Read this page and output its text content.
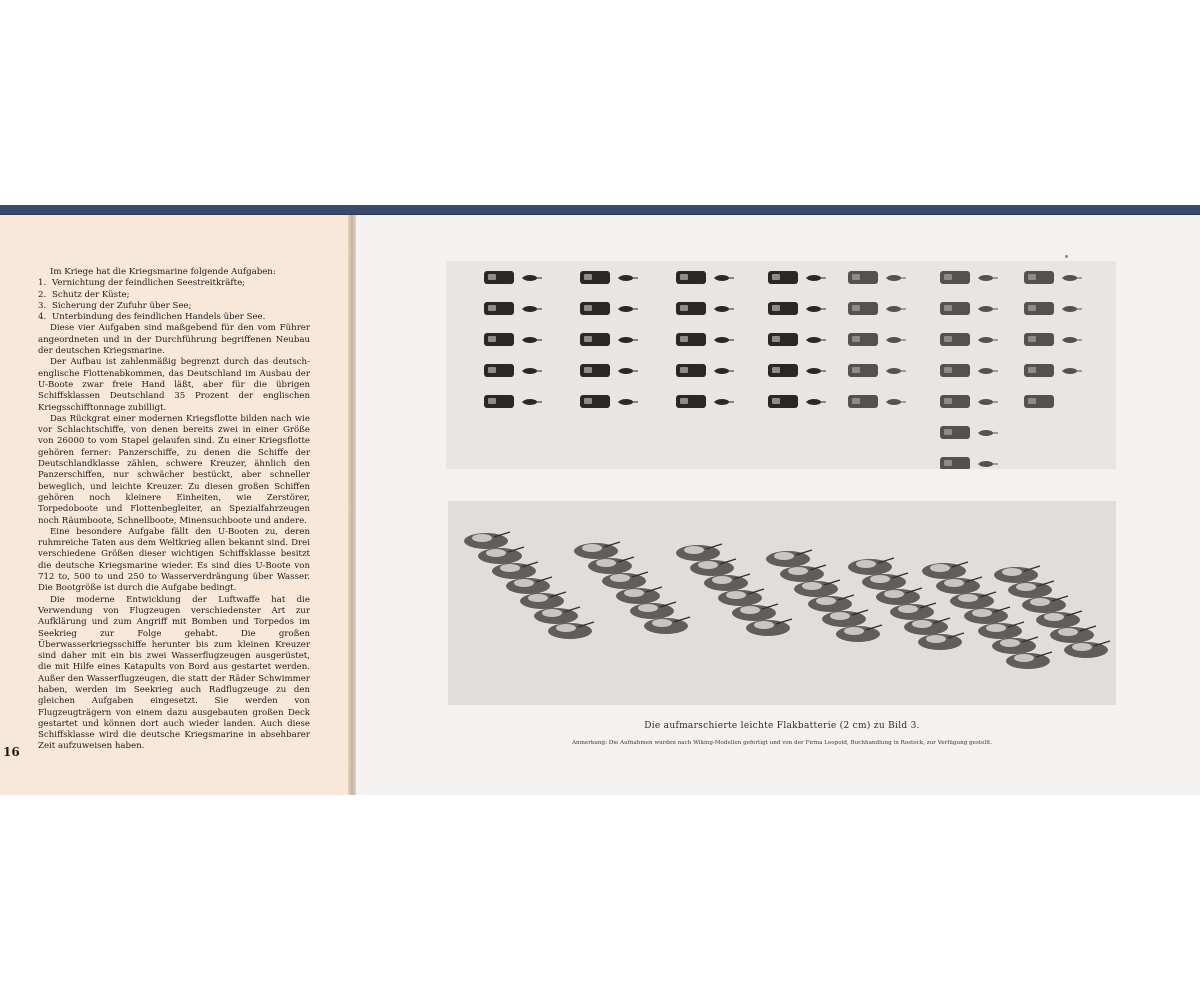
Im Kriege hat die Kriegsmarine folgende Aufgaben:

1. Vernichtung der feindlichen Seestreitkräfte;
2. Schutz der Küste;
3. Sicherung der Zufuhr über See;
4. Unterbindung des feindlichen Handels über See.

Diese vier Aufgaben sind maßgebend für den vom Führer angeordneten und in der Durchführung begriffenen Neubau der deutschen Kriegsmarine.

Der Aufbau ist zahlenmäßig begrenzt durch das deutsch-englische Flottenabkommen, das Deutschland im Ausbau der U-Boote zwar freie Hand läßt, aber für die übrigen Schiffsklassen Deutschland 35 Prozent der englischen Kriegsschifftonnage zubilligt.

Das Rückgrat einer modernen Kriegsflotte bilden nach wie vor Schlachtschiffe, von denen bereits zwei in einer Größe von 26000 to vom Stapel gelaufen sind. Zu einer Kriegsflotte gehören ferner: Panzerschiffe, zu denen die Schiffe der Deutschlandklasse zählen, schwere Kreuzer, ähnlich den Panzerschiffen, nur schwächer bestückt, aber schneller beweglich, und leichte Kreuzer. Zu diesen großen Schiffen gehören noch kleinere Einheiten, wie Zerstörer, Torpedoboote und Flottenbegleiter, an Spezialfahrzeugen noch Räumboote, Schnellboote, Minensuchboote und andere.

Eine besondere Aufgabe fällt den U-Booten zu, deren ruhmreiche Taten aus dem Weltkrieg allen bekannt sind. Drei verschiedene Größen dieser wichtigen Schiffsklasse besitzt die deutsche Kriegsmarine wieder. Es sind dies U-Boote von 712 to, 500 to und 250 to Wasserverdrängung über Wasser. Die Bootgröße ist durch die Aufgabe bedingt.

Die moderne Entwicklung der Luftwaffe hat die Verwendung von Flugzeugen verschiedenster Art zur Aufklärung und zum Angriff mit Bomben und Torpedos im Seekrieg zur Folge gehabt. Die großen Überwasserkriegsschiffe herunter bis zum kleinen Kreuzer sind daher mit ein bis zwei Wasserflugzeugen ausgerüstet, die mit Hilfe eines Katapults von Bord aus gestartet werden. Außer den Wasserflugzeugen, die statt der Räder Schwimmer haben, werden im Seekrieg auch Radflugzeuge zu den gleichen Aufgaben eingesetzt. Sie werden von Flugzeugträgern von einem dazu ausgebauten großen Deck gestartet und können dort auch wieder landen. Auch diese Schiffsklasse wird die deutsche Kriegsmarine in absehbarer Zeit aufzuweisen haben.

16
Die aufmarschierte leichte Flakbatterie (2 cm) zu Bild 3.
Anmerkung: Die Aufnahmen wurden nach Wiking-Modellen gefertigt und von der Firma Leopold, Buchhandlung in Rostock, zur Verfügung gestellt.
